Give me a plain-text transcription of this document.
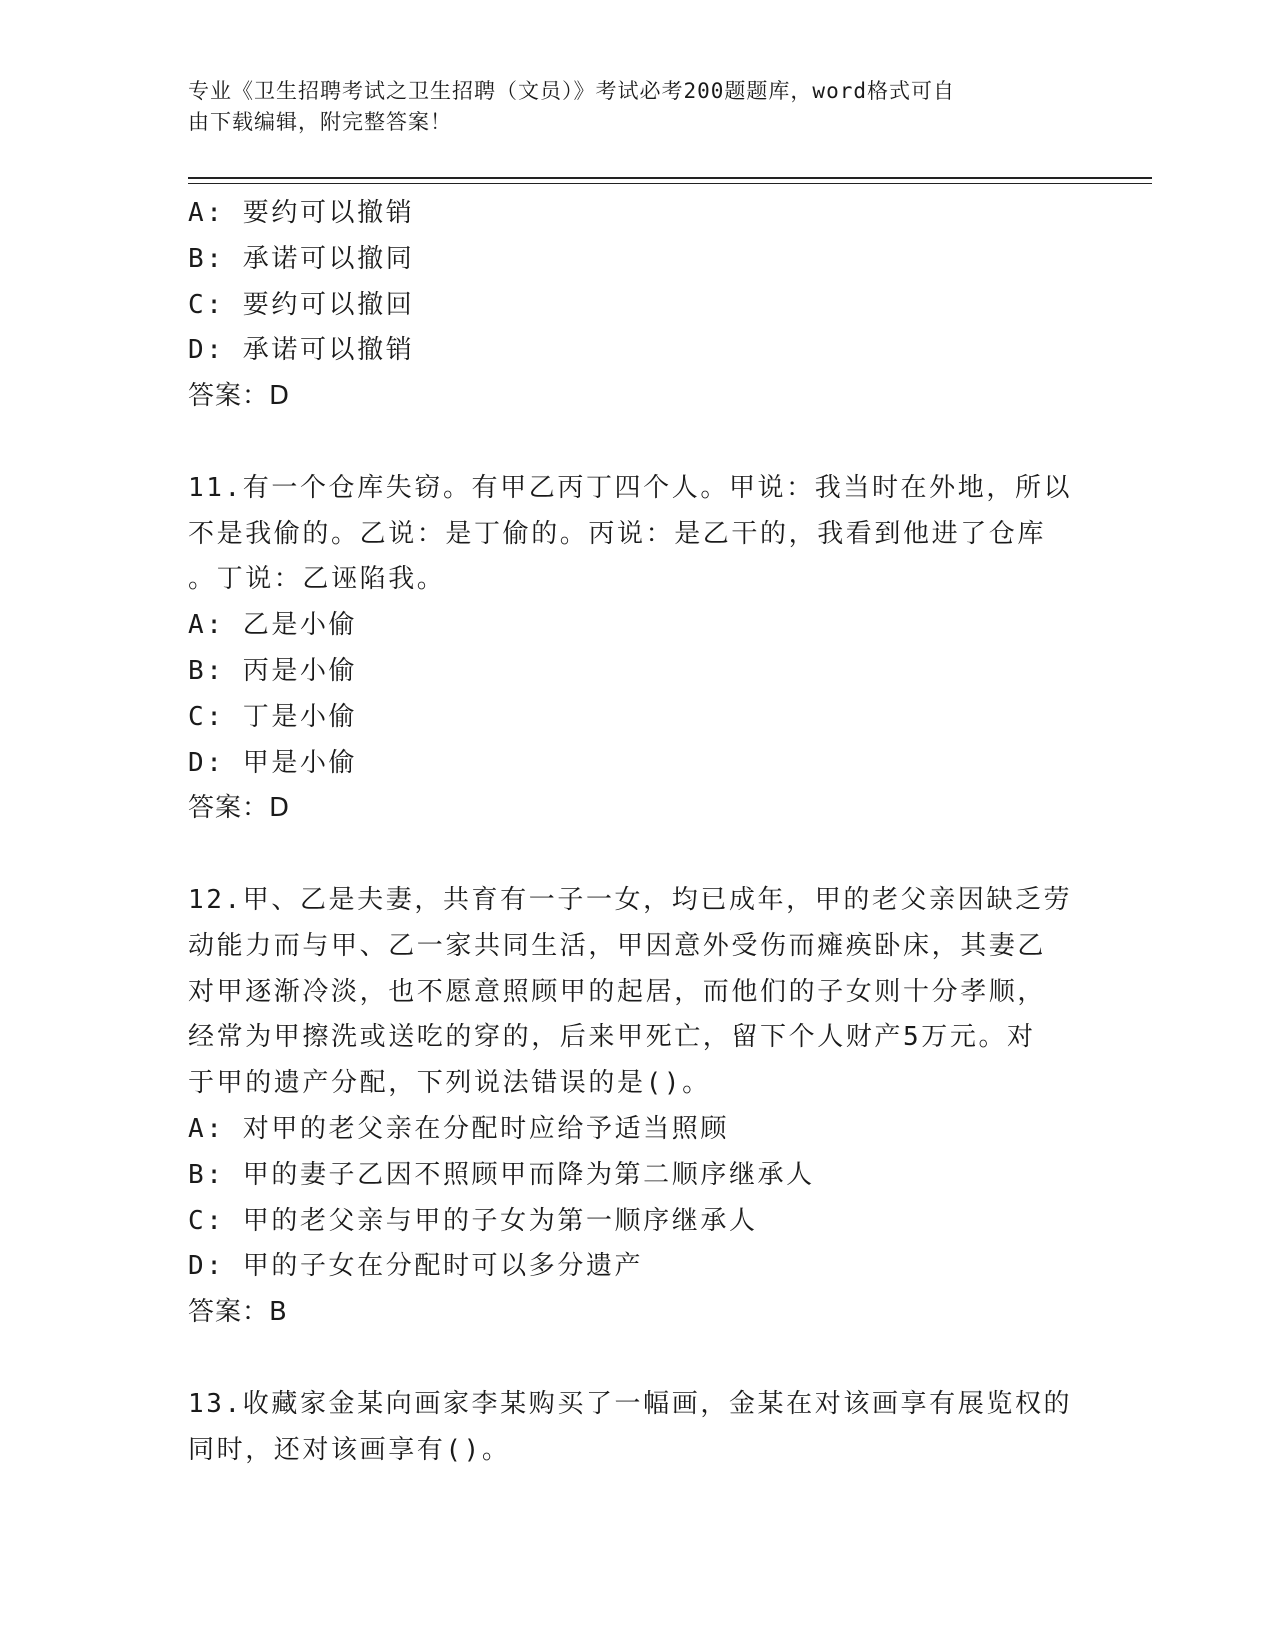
专业《卫生招聘考试之卫生招聘（文员）》考试必考200题题库，word格式可自
由下载编辑，附完整答案！
A: 要约可以撤销
B: 承诺可以撤同
C: 要约可以撤回
D: 承诺可以撤销
答案：D
11.有一个仓库失窃。有甲乙丙丁四个人。甲说：我当时在外地，所以
不是我偷的。乙说：是丁偷的。丙说：是乙干的，我看到他进了仓库
。丁说：乙诬陷我。
A: 乙是小偷
B: 丙是小偷
C: 丁是小偷
D: 甲是小偷
答案：D
12.甲、乙是夫妻，共育有一子一女，均已成年，甲的老父亲因缺乏劳
动能力而与甲、乙一家共同生活，甲因意外受伤而瘫痪卧床，其妻乙
对甲逐渐冷淡，也不愿意照顾甲的起居，而他们的子女则十分孝顺，
经常为甲擦洗或送吃的穿的，后来甲死亡，留下个人财产5万元。对
于甲的遗产分配，下列说法错误的是()。
A: 对甲的老父亲在分配时应给予适当照顾
B: 甲的妻子乙因不照顾甲而降为第二顺序继承人
C: 甲的老父亲与甲的子女为第一顺序继承人
D: 甲的子女在分配时可以多分遗产
答案：B
13.收藏家金某向画家李某购买了一幅画，金某在对该画享有展览权的
同时，还对该画享有()。
